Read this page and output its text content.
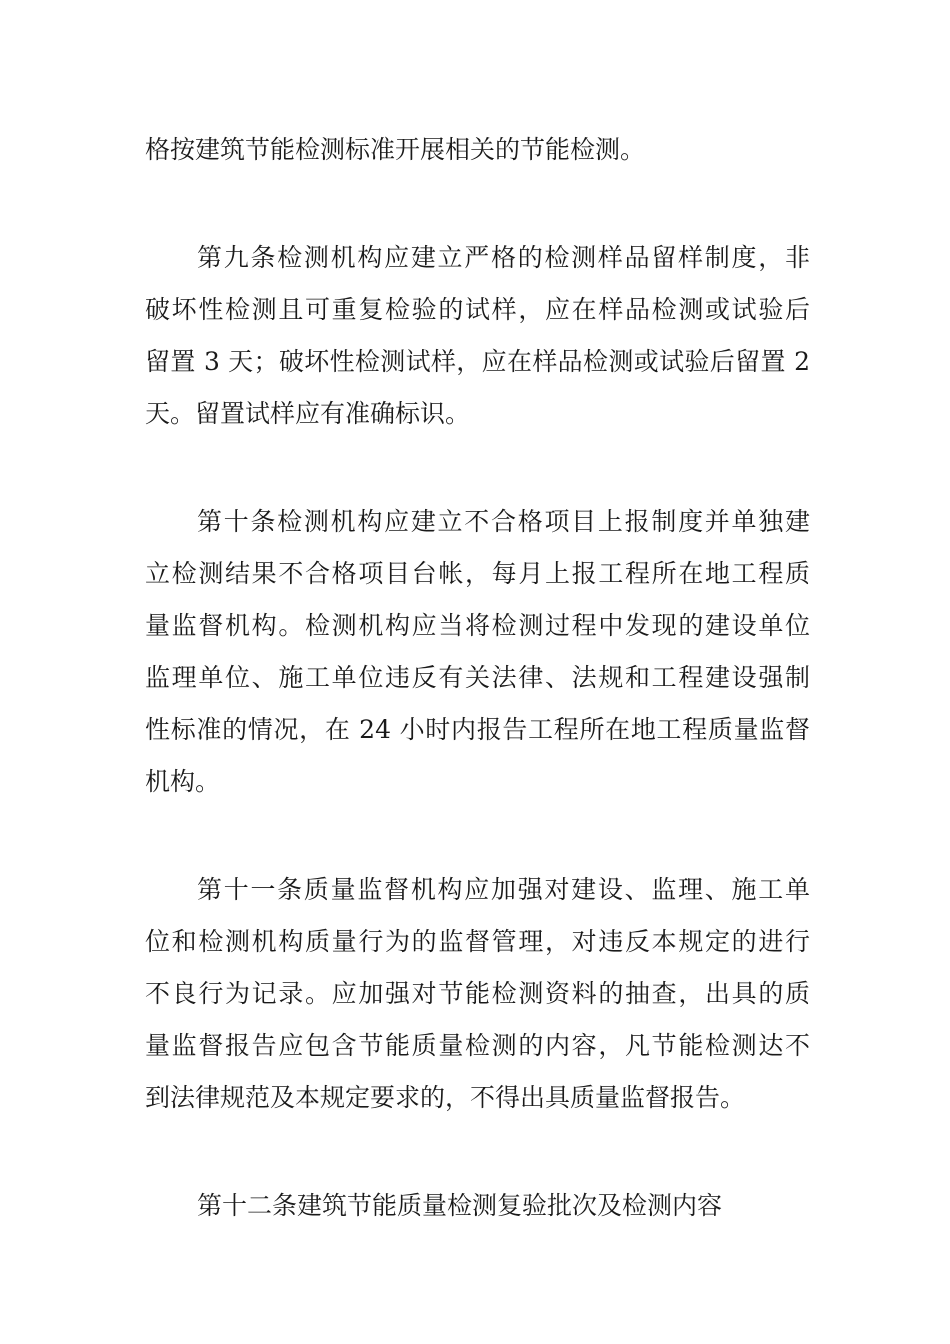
格按建筑节能检测标准开展相关的节能检测。
第九条检测机构应建立严格的检测样品留样制度，非
破坏性检测且可重复检验的试样，应在样品检测或试验后
留置 3 天；破坏性检测试样，应在样品检测或试验后留置 2
天。留置试样应有准确标识。
第十条检测机构应建立不合格项目上报制度并单独建
立检测结果不合格项目台帐，每月上报工程所在地工程质
量监督机构。检测机构应当将检测过程中发现的建设单位
监理单位、施工单位违反有关法律、法规和工程建设强制
性标准的情况，在 24 小时内报告工程所在地工程质量监督
机构。
第十一条质量监督机构应加强对建设、监理、施工单
位和检测机构质量行为的监督管理，对违反本规定的进行
不良行为记录。应加强对节能检测资料的抽查，出具的质
量监督报告应包含节能质量检测的内容，凡节能检测达不
到法律规范及本规定要求的，不得出具质量监督报告。
第十二条建筑节能质量检测复验批次及检测内容
